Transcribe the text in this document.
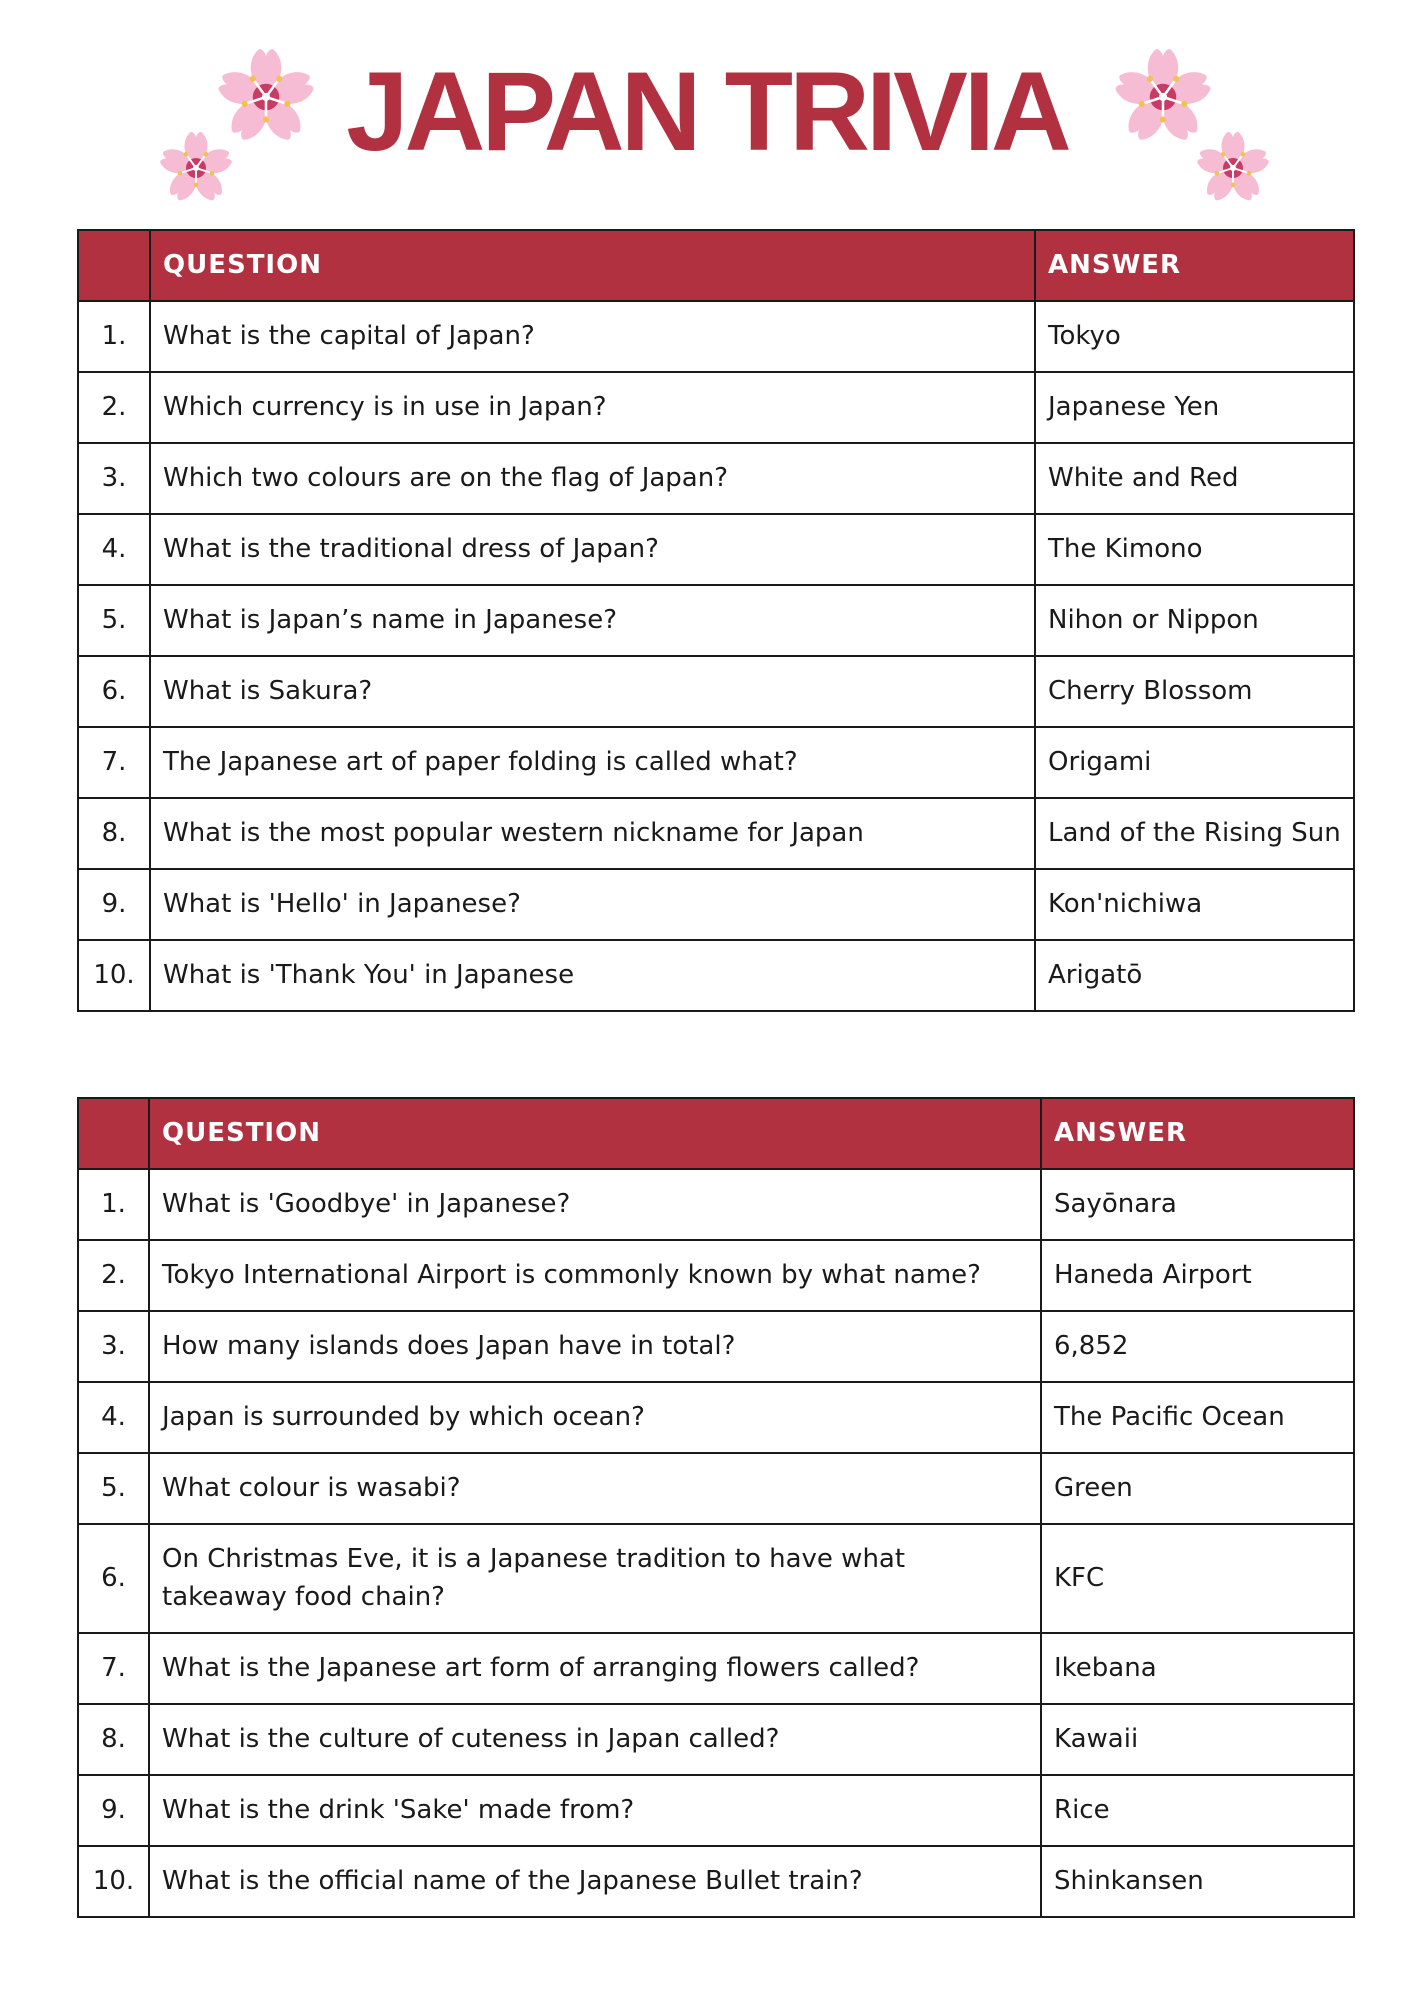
JAPAN TRIVIA
	QUESTION	ANSWER
1.	What is the capital of Japan?	Tokyo
2.	Which currency is in use in Japan?	Japanese Yen
3.	Which two colours are on the flag of Japan?	White and Red
4.	What is the traditional dress of Japan?	The Kimono
5.	What is Japan’s name in Japanese?	Nihon or Nippon
6.	What is Sakura?	Cherry Blossom
7.	The Japanese art of paper folding is called what?	Origami
8.	What is the most popular western nickname for Japan	Land of the Rising Sun
9.	What is 'Hello' in Japanese?	Kon'nichiwa
10.	What is 'Thank You' in Japanese	Arigatō
	QUESTION	ANSWER
1.	What is 'Goodbye' in Japanese?	Sayōnara
2.	Tokyo International Airport is commonly known by what name?	Haneda Airport
3.	How many islands does Japan have in total?	6,852
4.	Japan is surrounded by which ocean?	The Pacific Ocean
5.	What colour is wasabi?	Green
6.	On Christmas Eve, it is a Japanese tradition to have what takeaway food chain?	KFC
7.	What is the Japanese art form of arranging flowers called?	Ikebana
8.	What is the culture of cuteness in Japan called?	Kawaii
9.	What is the drink 'Sake' made from?	Rice
10.	What is the official name of the Japanese Bullet train?	Shinkansen
